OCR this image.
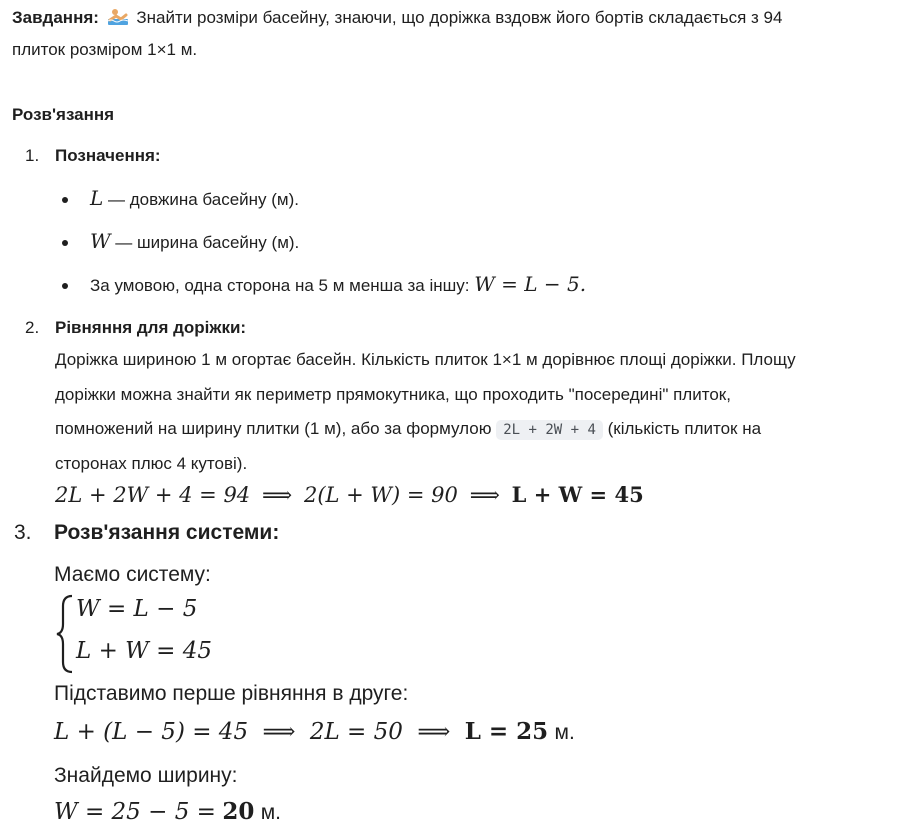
Завдання: Знайти розміри басейну, знаючи, що доріжка вздовж його бортів складається з 94
плиток розміром 1×1 м.
Розв'язання
1. Позначення:
L — довжина басейну (м).
W — ширина басейну (м).
За умовою, одна сторона на 5 м менша за іншу: W = L − 5.
2. Рівняння для доріжки:
Доріжка шириною 1 м огортає басейн. Кількість плиток 1×1 м дорівнює площі доріжки. Площу
доріжки можна знайти як периметр прямокутника, що проходить "посередині" плиток,
помножений на ширину плитки (1 м), або за формулою 2L + 2W + 4 (кількість плиток на
сторонах плюс 4 кутові).
2L + 2W + 4 = 94 ⟹ 2(L + W) = 90 ⟹ L + W = 45
3. Розв'язання системи:
Маємо систему:
W = L − 5
L + W = 45
Підставимо перше рівняння в друге:
L + (L − 5) = 45 ⟹ 2L = 50 ⟹ L = 25 м.
Знайдемо ширину:
W = 25 − 5 = 20 м.
